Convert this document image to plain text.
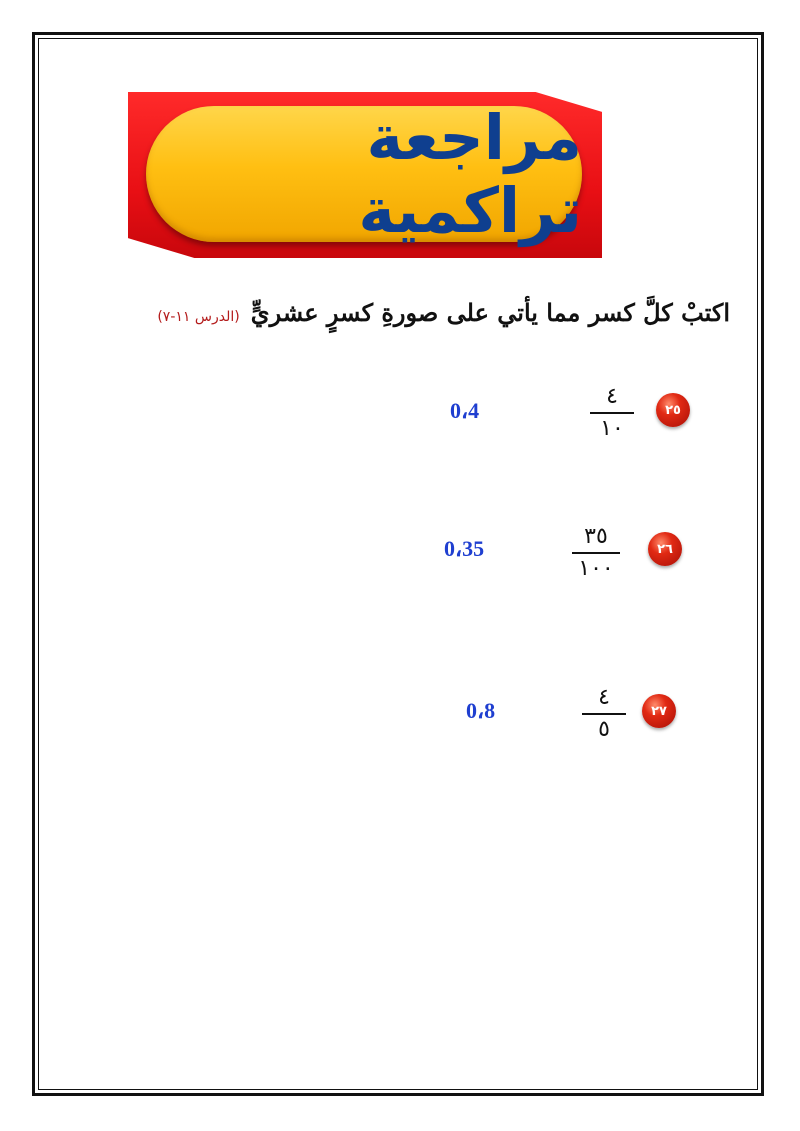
مراجعة تراكمية
اكتبْ كلَّ كسر مما يأتي على صورةِ كسرٍ عشريٍّ (الدرس ١١-٧)
٢٥
٤
١٠
0،4
٢٦
٣٥
١٠٠
0،35
٢٧
٤
٥
0،8
